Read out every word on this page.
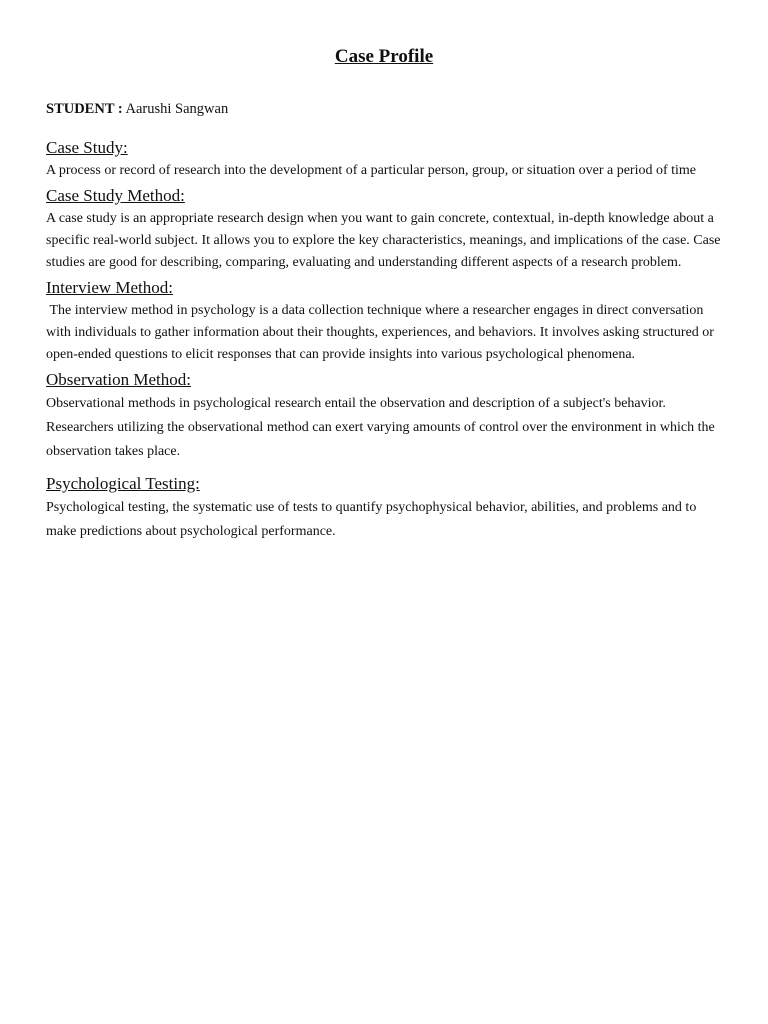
Case Profile
STUDENT : Aarushi Sangwan
Case Study:

A process or record of research into the development of a particular person, group, or situation over a period of time

Case Study Method:

A case study is an appropriate research design when you want to gain concrete, contextual, in-depth knowledge about a specific real-world subject. It allows you to explore the key characteristics, meanings, and implications of the case. Case studies are good for describing, comparing, evaluating and understanding different aspects of a research problem.

Interview Method:

The interview method in psychology is a data collection technique where a researcher engages in direct conversation with individuals to gather information about their thoughts, experiences, and behaviors. It involves asking structured or open-ended questions to elicit responses that can provide insights into various psychological phenomena.

Observation Method:

Observational methods in psychological research entail the observation and description of a subject's behavior. Researchers utilizing the observational method can exert varying amounts of control over the environment in which the observation takes place.

Psychological Testing:

Psychological testing, the systematic use of tests to quantify psychophysical behavior, abilities, and problems and to make predictions about psychological performance.
